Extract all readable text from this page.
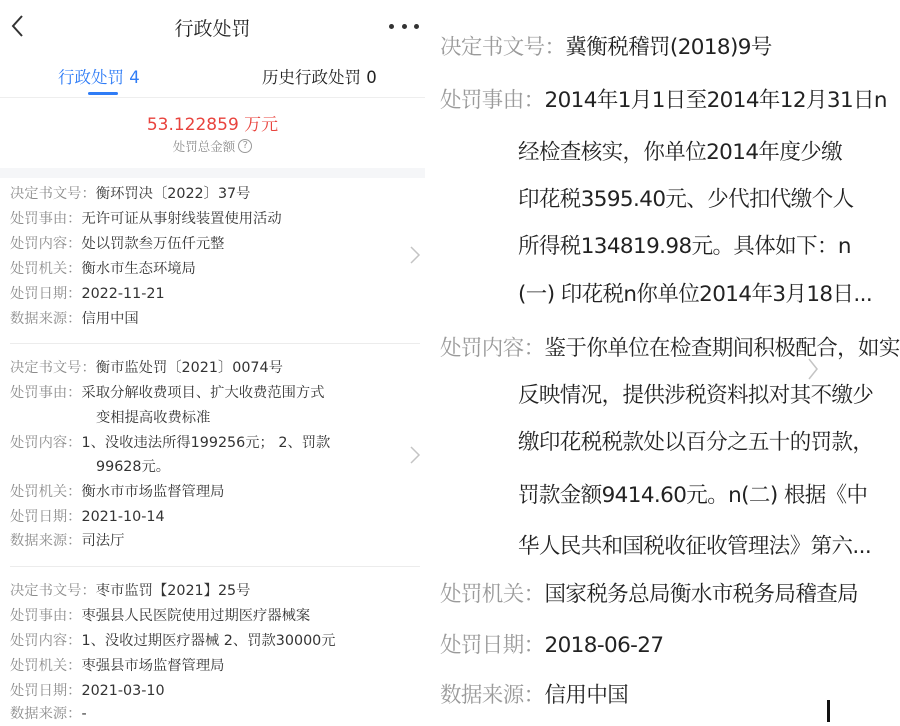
行政处罚
行政处罚 4	历史行政处罚 0
53.122859 万元
处罚总金额 ?
决定书文号：衡环罚决〔2022〕37号
处罚事由：无许可证从事射线装置使用活动
处罚内容：处以罚款叁万伍仟元整
处罚机关：衡水市生态环境局
处罚日期：2022-11-21
数据来源：信用中国
决定书文号：衡市监处罚〔2021〕0074号
处罚事由：采取分解收费项目、扩大收费范围方式
变相提高收费标准
处罚内容：1、没收违法所得199256元； 2、罚款
99628元。
处罚机关：衡水市市场监督管理局
处罚日期：2021-10-14
数据来源：司法厅
决定书文号：枣市监罚【2021】25号
处罚事由：枣强县人民医院使用过期医疗器械案
处罚内容：1、没收过期医疗器械 2、罚款30000元
处罚机关：枣强县市场监督管理局
处罚日期：2021-03-10
数据来源：-
决定书文号：冀衡税稽罚(2018)9号
处罚事由：2014年1月1日至2014年12月31日n
经检查核实，你单位2014年度少缴
印花税3595.40元、少代扣代缴个人
所得税134819.98元。具体如下：n
(一) 印花税n你单位2014年3月18日...
处罚内容：鉴于你单位在检查期间积极配合，如实
反映情况，提供涉税资料拟对其不缴少
缴印花税税款处以百分之五十的罚款，
罚款金额9414.60元。n(二) 根据《中
华人民共和国税收征收管理法》第六...
处罚机关：国家税务总局衡水市税务局稽查局
处罚日期：2018-06-27
数据来源：信用中国
